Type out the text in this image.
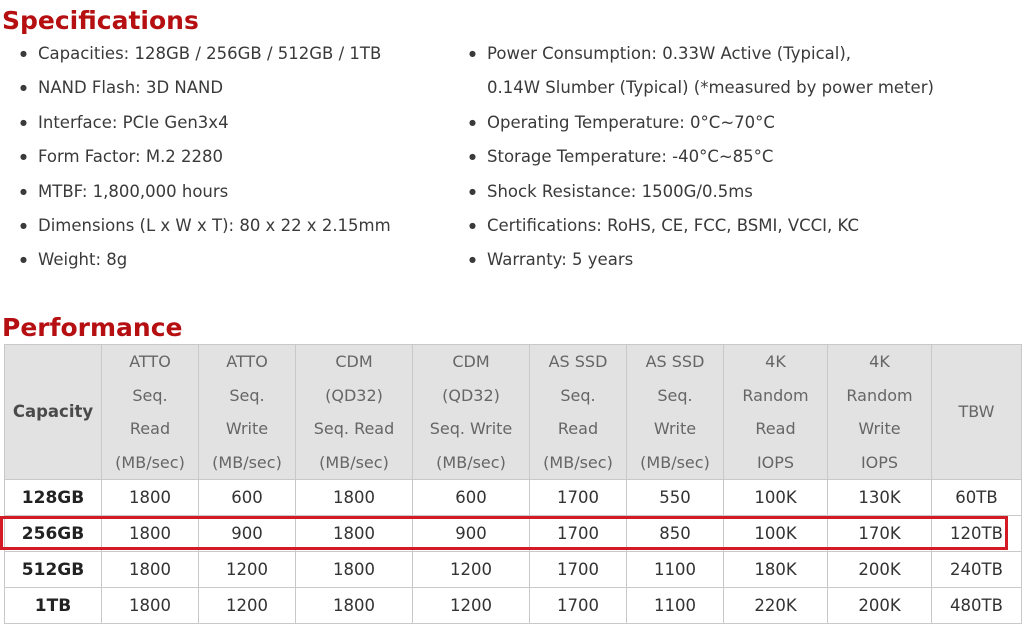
Specifications
● Capacities: 128GB / 256GB / 512GB / 1TB
● NAND Flash: 3D NAND
● Interface: PCIe Gen3x4
● Form Factor: M.2 2280
● MTBF: 1,800,000 hours
● Dimensions (L x W x T): 80 x 22 x 2.15mm
● Weight: 8g
● Power Consumption: 0.33W Active (Typical),
0.14W Slumber (Typical) (*measured by power meter)
● Operating Temperature: 0°C~70°C
● Storage Temperature: -40°C~85°C
● Shock Resistance: 1500G/0.5ms
● Certifications: RoHS, CE, FCC, BSMI, VCCI, KC
● Warranty: 5 years
Performance
Capacity	ATTO
Seq.
Read
(MB/sec)	ATTO
Seq.
Write
(MB/sec)	CDM
(QD32)
Seq. Read
(MB/sec)	CDM
(QD32)
Seq. Write
(MB/sec)	AS SSD
Seq.
Read
(MB/sec)	AS SSD
Seq.
Write
(MB/sec)	4K
Random
Read
IOPS	4K
Random
Write
IOPS	TBW

128GB	1800	600	1800	600	1700	550	100K	130K	60TB
256GB	1800	900	1800	900	1700	850	100K	170K	120TB
512GB	1800	1200	1800	1200	1700	1100	180K	200K	240TB
1TB	1800	1200	1800	1200	1700	1100	220K	200K	480TB
